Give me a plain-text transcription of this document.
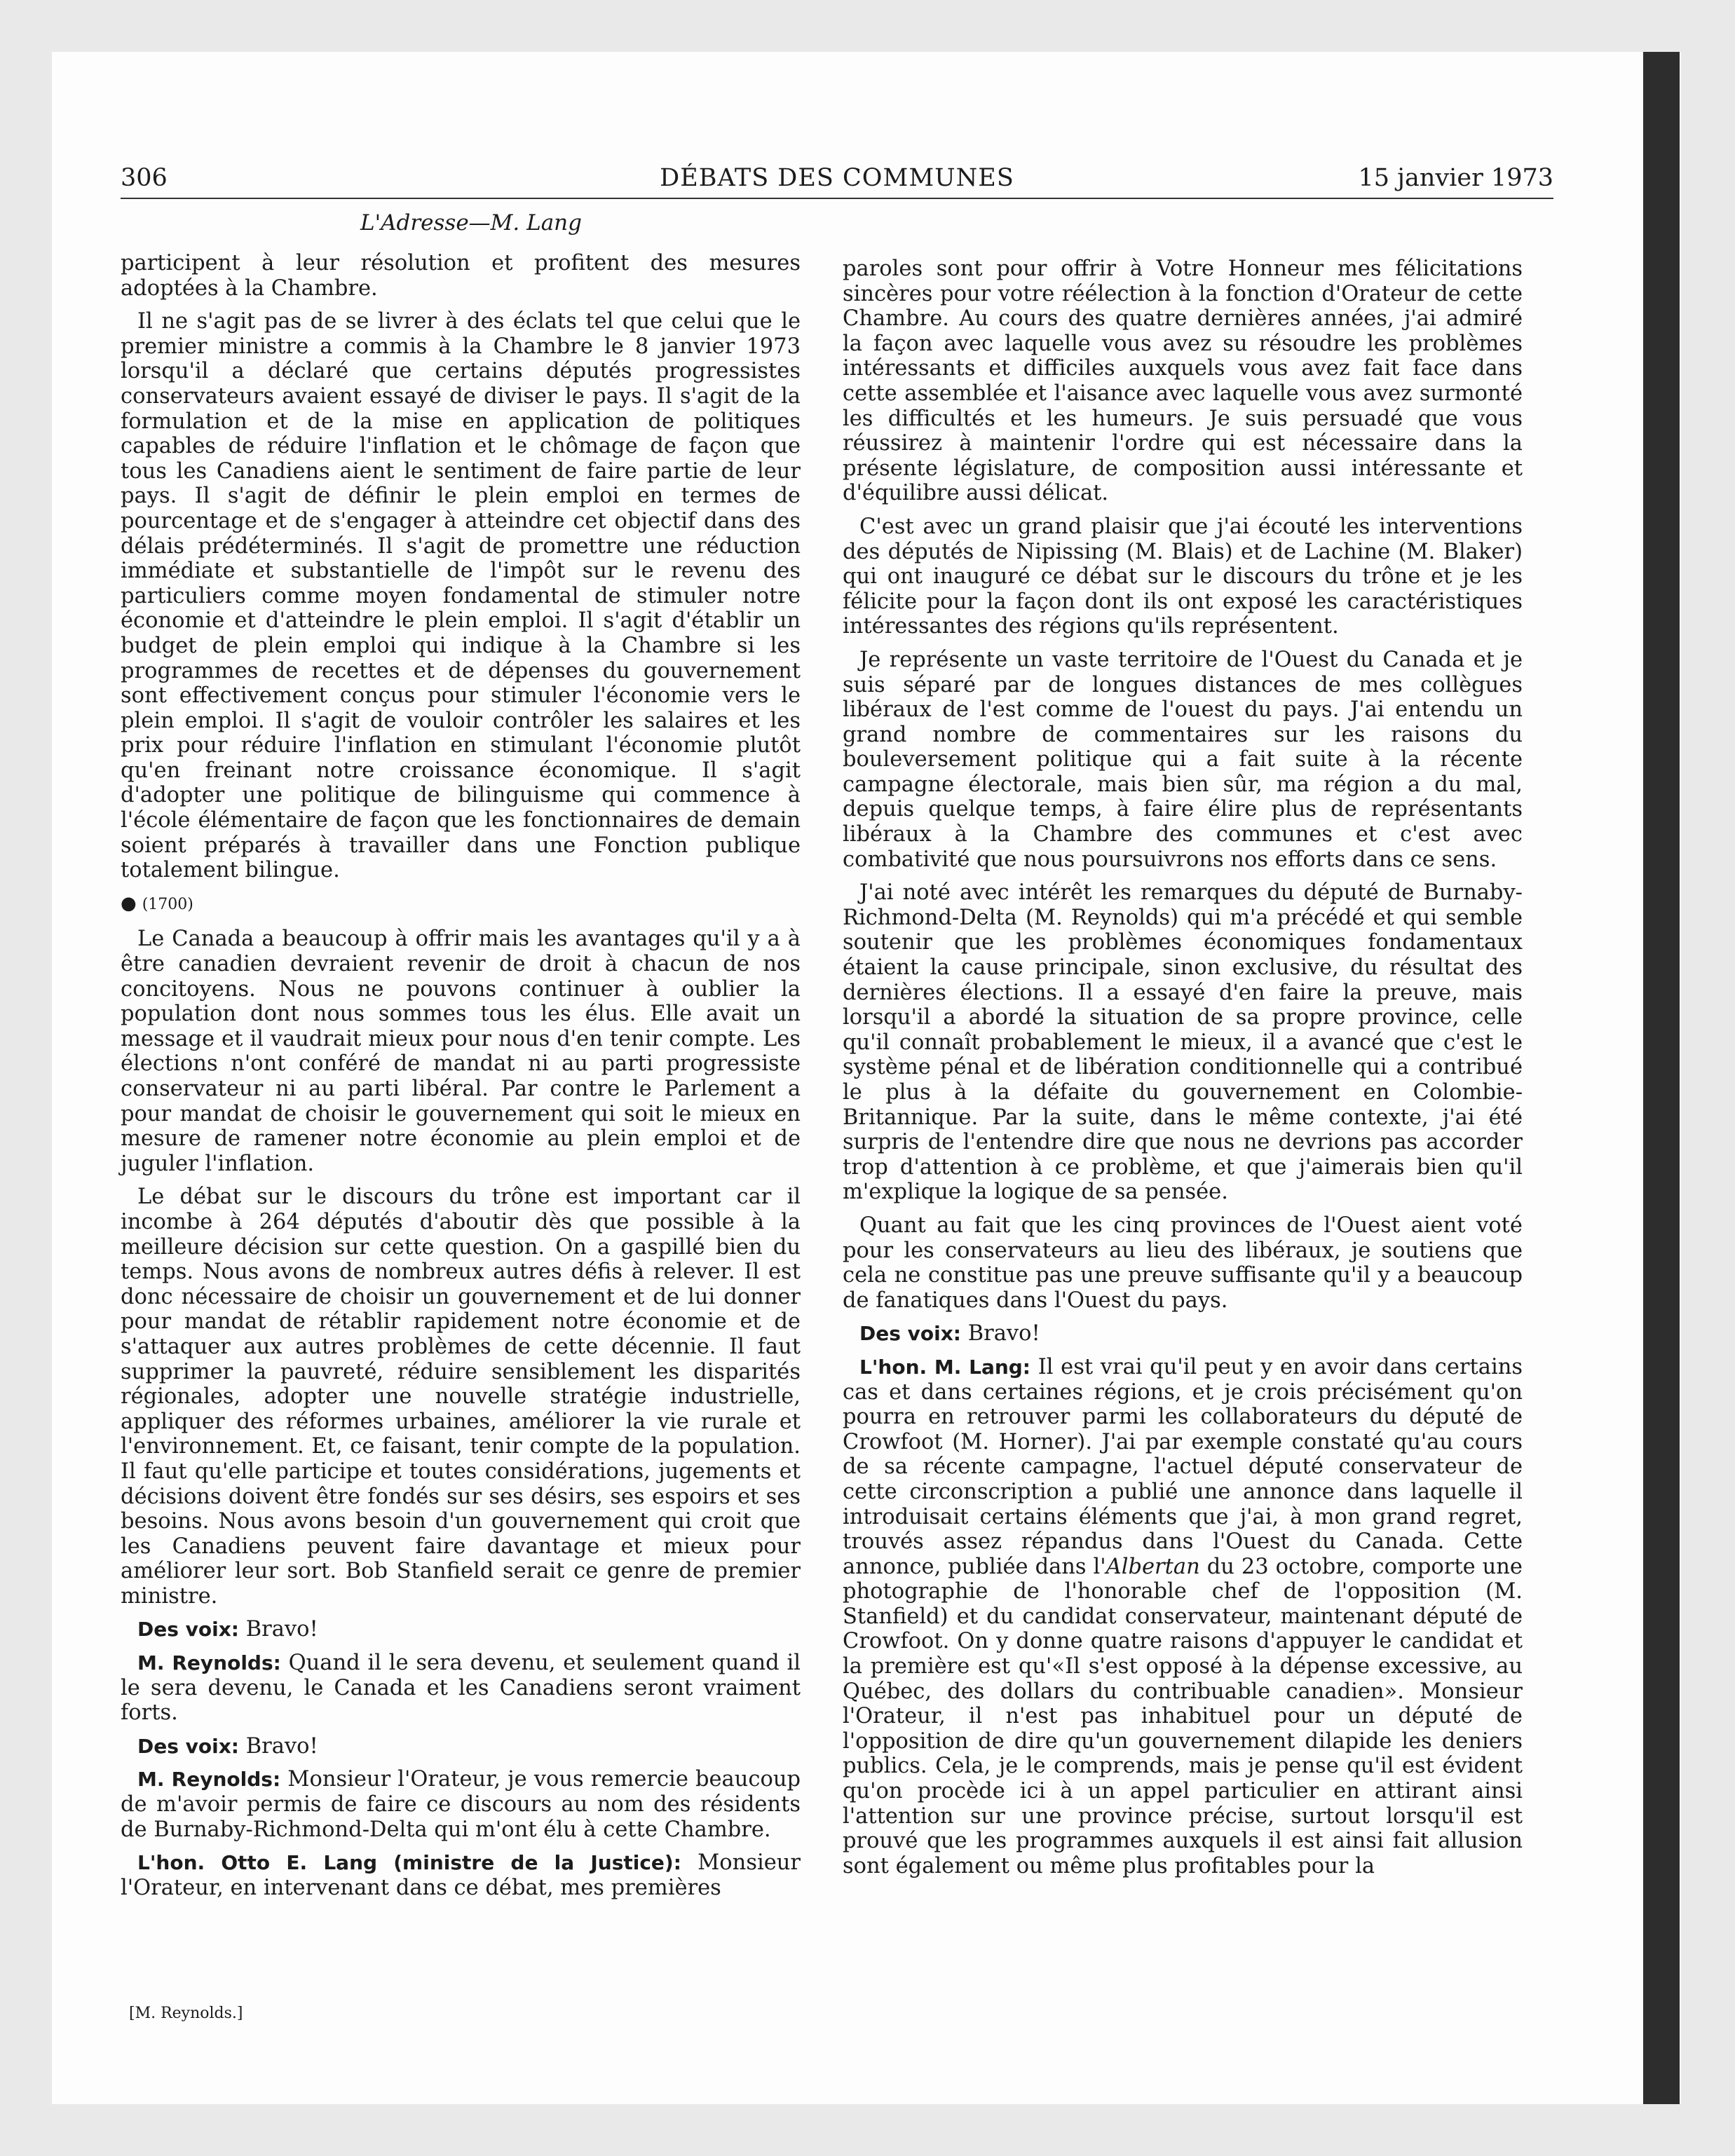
306	DÉBATS DES COMMUNES	15 janvier 1973
L'Adresse—M. Lang

participent à leur résolution et profitent des mesures adoptées à la Chambre.

Il ne s'agit pas de se livrer à des éclats tel que celui que le premier ministre a commis à la Chambre le 8 janvier 1973 lorsqu'il a déclaré que certains députés progressistes conservateurs avaient essayé de diviser le pays. Il s'agit de la formulation et de la mise en application de politiques capables de réduire l'inflation et le chômage de façon que tous les Canadiens aient le sentiment de faire partie de leur pays. Il s'agit de définir le plein emploi en termes de pourcentage et de s'engager à atteindre cet objectif dans des délais prédéterminés. Il s'agit de promettre une réduction immédiate et substantielle de l'impôt sur le revenu des particuliers comme moyen fondamental de stimuler notre économie et d'atteindre le plein emploi. Il s'agit d'établir un budget de plein emploi qui indique à la Chambre si les programmes de recettes et de dépenses du gouvernement sont effectivement conçus pour stimuler l'économie vers le plein emploi. Il s'agit de vouloir contrôler les salaires et les prix pour réduire l'inflation en stimulant l'économie plutôt qu'en freinant notre croissance économique. Il s'agit d'adopter une politique de bilinguisme qui commence à l'école élémentaire de façon que les fonctionnaires de demain soient préparés à travailler dans une Fonction publique totalement bilingue.

● (1700)

Le Canada a beaucoup à offrir mais les avantages qu'il y a à être canadien devraient revenir de droit à chacun de nos concitoyens. Nous ne pouvons continuer à oublier la population dont nous sommes tous les élus. Elle avait un message et il vaudrait mieux pour nous d'en tenir compte. Les élections n'ont conféré de mandat ni au parti progressiste conservateur ni au parti libéral. Par contre le Parlement a pour mandat de choisir le gouvernement qui soit le mieux en mesure de ramener notre économie au plein emploi et de juguler l'inflation.

Le débat sur le discours du trône est important car il incombe à 264 députés d'aboutir dès que possible à la meilleure décision sur cette question. On a gaspillé bien du temps. Nous avons de nombreux autres défis à relever. Il est donc nécessaire de choisir un gouvernement et de lui donner pour mandat de rétablir rapidement notre économie et de s'attaquer aux autres problèmes de cette décennie. Il faut supprimer la pauvreté, réduire sensiblement les disparités régionales, adopter une nouvelle stratégie industrielle, appliquer des réformes urbaines, améliorer la vie rurale et l'environnement. Et, ce faisant, tenir compte de la population. Il faut qu'elle participe et toutes considérations, jugements et décisions doivent être fondés sur ses désirs, ses espoirs et ses besoins. Nous avons besoin d'un gouvernement qui croit que les Canadiens peuvent faire davantage et mieux pour améliorer leur sort. Bob Stanfield serait ce genre de premier ministre.

Des voix: Bravo!

M. Reynolds: Quand il le sera devenu, et seulement quand il le sera devenu, le Canada et les Canadiens seront vraiment forts.

Des voix: Bravo!

M. Reynolds: Monsieur l'Orateur, je vous remercie beaucoup de m'avoir permis de faire ce discours au nom des résidents de Burnaby-Richmond-Delta qui m'ont élu à cette Chambre.

L'hon. Otto E. Lang (ministre de la Justice): Monsieur l'Orateur, en intervenant dans ce débat, mes premières

paroles sont pour offrir à Votre Honneur mes félicitations sincères pour votre réélection à la fonction d'Orateur de cette Chambre. Au cours des quatre dernières années, j'ai admiré la façon avec laquelle vous avez su résoudre les problèmes intéressants et difficiles auxquels vous avez fait face dans cette assemblée et l'aisance avec laquelle vous avez surmonté les difficultés et les humeurs. Je suis persuadé que vous réussirez à maintenir l'ordre qui est nécessaire dans la présente législature, de composition aussi intéressante et d'équilibre aussi délicat.

C'est avec un grand plaisir que j'ai écouté les interventions des députés de Nipissing (M. Blais) et de Lachine (M. Blaker) qui ont inauguré ce débat sur le discours du trône et je les félicite pour la façon dont ils ont exposé les caractéristiques intéressantes des régions qu'ils représentent.

Je représente un vaste territoire de l'Ouest du Canada et je suis séparé par de longues distances de mes collègues libéraux de l'est comme de l'ouest du pays. J'ai entendu un grand nombre de commentaires sur les raisons du bouleversement politique qui a fait suite à la récente campagne électorale, mais bien sûr, ma région a du mal, depuis quelque temps, à faire élire plus de représentants libéraux à la Chambre des communes et c'est avec combativité que nous poursuivrons nos efforts dans ce sens.

J'ai noté avec intérêt les remarques du député de Burnaby-Richmond-Delta (M. Reynolds) qui m'a précédé et qui semble soutenir que les problèmes économiques fondamentaux étaient la cause principale, sinon exclusive, du résultat des dernières élections. Il a essayé d'en faire la preuve, mais lorsqu'il a abordé la situation de sa propre province, celle qu'il connaît probablement le mieux, il a avancé que c'est le système pénal et de libération conditionnelle qui a contribué le plus à la défaite du gouvernement en Colombie-Britannique. Par la suite, dans le même contexte, j'ai été surpris de l'entendre dire que nous ne devrions pas accorder trop d'attention à ce problème, et que j'aimerais bien qu'il m'explique la logique de sa pensée.

Quant au fait que les cinq provinces de l'Ouest aient voté pour les conservateurs au lieu des libéraux, je soutiens que cela ne constitue pas une preuve suffisante qu'il y a beaucoup de fanatiques dans l'Ouest du pays.

Des voix: Bravo!

L'hon. M. Lang: Il est vrai qu'il peut y en avoir dans certains cas et dans certaines régions, et je crois précisément qu'on pourra en retrouver parmi les collaborateurs du député de Crowfoot (M. Horner). J'ai par exemple constaté qu'au cours de sa récente campagne, l'actuel député conservateur de cette circonscription a publié une annonce dans laquelle il introduisait certains éléments que j'ai, à mon grand regret, trouvés assez répandus dans l'Ouest du Canada. Cette annonce, publiée dans l'Albertan du 23 octobre, comporte une photographie de l'honorable chef de l'opposition (M. Stanfield) et du candidat conservateur, maintenant député de Crowfoot. On y donne quatre raisons d'appuyer le candidat et la première est qu'«Il s'est opposé à la dépense excessive, au Québec, des dollars du contribuable canadien». Monsieur l'Orateur, il n'est pas inhabituel pour un député de l'opposition de dire qu'un gouvernement dilapide les deniers publics. Cela, je le comprends, mais je pense qu'il est évident qu'on procède ici à un appel particulier en attirant ainsi l'attention sur une province précise, surtout lorsqu'il est prouvé que les programmes auxquels il est ainsi fait allusion sont également ou même plus profitables pour la

[M. Reynolds.]
